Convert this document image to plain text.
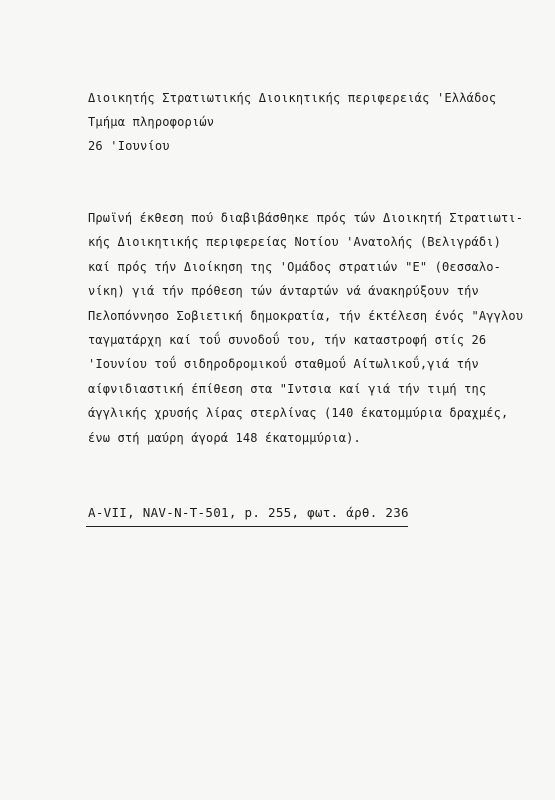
Διοικητής Στρατιωτικής Διοικητικής περιφερειάς 'Ελλάδος
Τμήμα πληροφοριών
26 'Ιουνίου
Πρωϊνή έκθεση πού διαβιβάσθηκε πρός τών Διοικητή Στρατιωτι-
κής Διοικητικής περιφερείας Νοτίου 'Ανατολής (Βελιγράδι)
καί πρός τήν Διοίκηση της 'Ομάδος στρατιών "Ε" (Θεσσαλο-
νίκη) γιά τήν πρόθεση τών άνταρτών νά άνακηρύξουν τήν
Πελοπόννησο Σοβιετική δημοκρατία, τήν έκτέλεση ένός "Αγγλου
ταγματάρχη καί τοΰ συνοδοΰ του, τήν καταστροφή στίς 26
'Ιουνίου τοΰ σιδηροδρομικοΰ σταθμοΰ Αίτωλικοΰ,γιά τήν
αίφνιδιαστική έπίθεση στα "Ιντσια καί γιά τήν τιμή της
άγγλικής χρυσής λίρας στερλίνας (140 έκατομμύρια δραχμές,
ένω στή μαύρη άγορά 148 έκατομμύρια).
A-VII, NAV-N-T-501, p. 255, φωτ. άρθ. 236
